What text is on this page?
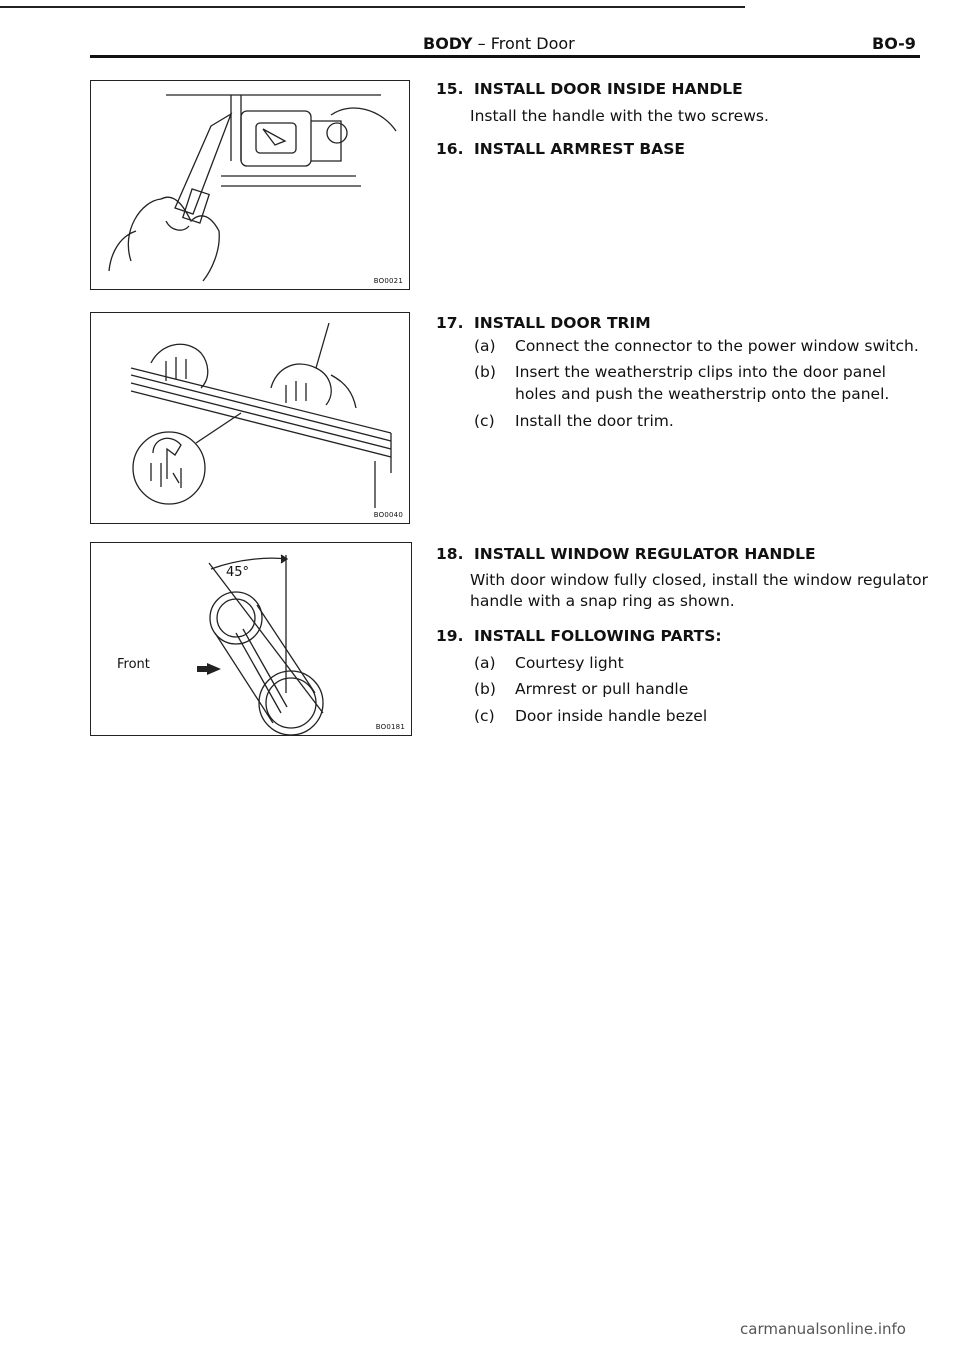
BODY – Front Door	BO-9
BO0021
BO0040
Front
45°
BO0181
15. INSTALL DOOR INSIDE HANDLE
Install the handle with the two screws.
16. INSTALL ARMREST BASE
17. INSTALL DOOR TRIM
(a) Connect the connector to the power window switch.
(b) Insert the weatherstrip clips into the door panel holes and push the weatherstrip onto the panel.
(c) Install the door trim.
18. INSTALL WINDOW REGULATOR HANDLE
With door window fully closed, install the window regulator handle with a snap ring as shown.
19. INSTALL FOLLOWING PARTS:
(a) Courtesy light
(b) Armrest or pull handle
(c) Door inside handle bezel
carmanualsonline.info
